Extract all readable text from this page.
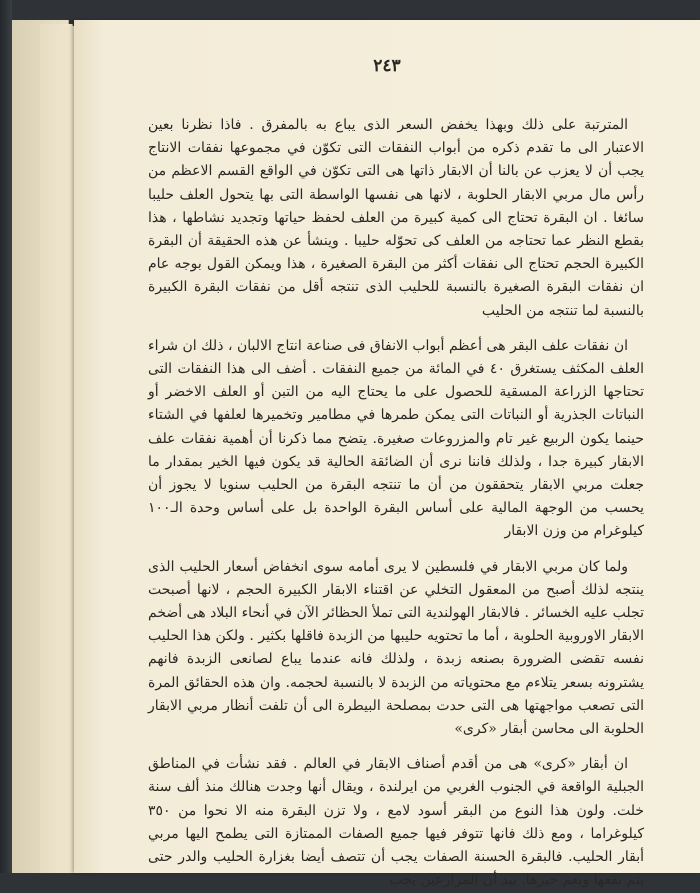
٢٤٣

المترتبة على ذلك وبهذا يخفض السعر الذى يباع به بالمفرق . فاذا نظرنا بعين الاعتبار الى ما تقدم ذكره من أبواب النفقات التى تكوّن في مجموعها نفقات الانتاج يجب أن لا يعزب عن بالنا أن الابقار ذاتها هى التى تكوّن في الواقع القسم الاعظم من رأس مال مربي الابقار الحلوبة ، لانها هى نفسها الواسطة التى بها يتحول العلف حليبا سائغا . ان البقرة تحتاج الى كمية كبيرة من العلف لحفظ حياتها وتجديد نشاطها ، هذا بقطع النظر عما تحتاجه من العلف كى تحوّله حليبا . وينشأ عن هذه الحقيقة أن البقرة الكبيرة الحجم تحتاج الى نفقات أكثر من البقرة الصغيرة ، هذا ويمكن القول بوجه عام ان نفقات البقرة الصغيرة بالنسبة للحليب الذى تنتجه أقل من نفقات البقرة الكبيرة بالنسبة لما تنتجه من الحليب

ان نفقات علف البقر هى أعظم أبواب الانفاق فى صناعة انتاج الالبان ، ذلك ان شراء العلف المكثف يستغرق ٤٠ في المائة من جميع النفقات . أضف الى هذا النفقات التى تحتاجها الزراعة المسقية للحصول على ما يحتاج اليه من التبن أو العلف الاخضر أو النباتات الجذرية أو النباتات التى يمكن طمرها في مطامير وتخميرها لعلفها في الشتاء حينما يكون الربيع غير تام والمزروعات صغيرة. يتضح مما ذكرنا أن أهمية نفقات علف الابقار كبيرة جدا ، ولذلك فاننا نرى أن الضائقة الحالية قد يكون فيها الخير بمقدار ما جعلت مربي الابقار يتحققون من أن ما تنتجه البقرة من الحليب سنويا لا يجوز أن يحسب من الوجهة المالية على أساس البقرة الواحدة بل على أساس وحدة الـ١٠٠ كيلوغرام من وزن الابقار

ولما كان مربي الابقار في فلسطين لا يرى أمامه سوى انخفاض أسعار الحليب الذى ينتجه لذلك أصبح من المعقول التخلي عن اقتناء الابقار الكبيرة الحجم ، لانها أصبحت تجلب عليه الخسائر . فالابقار الهولندية التى تملأ الحظائر الآن في أنحاء البلاد هى أضخم الابقار الاوروبية الحلوبة ، أما ما تحتويه حليبها من الزبدة فاقلها بكثير . ولكن هذا الحليب نفسه تقضى الضرورة بصنعه زبدة ، ولذلك فانه عندما يباع لصانعى الزبدة فانهم يشترونه بسعر يتلاءم مع محتوياته من الزبدة لا بالنسبة لحجمه. وان هذه الحقائق المرة التى تصعب مواجهتها هى التى حدت بمصلحة البيطرة الى أن تلفت أنظار مربي الابقار الحلوبة الى محاسن أبقار «كرى»

ان أبقار «كرى» هى من أقدم أصناف الابقار في العالم . فقد نشأت في المناطق الجبلية الواقعة في الجنوب الغربي من ايرلندة ، ويقال أنها وجدت هنالك منذ ألف سنة خلت. ولون هذا النوع من البقر أسود لامع ، ولا تزن البقرة منه الا نحوا من ٣٥٠ كيلوغراما ، ومع ذلك فانها تتوفر فيها جميع الصفات الممتازة التى يطمح اليها مربي أبقار الحليب. فالبقرة الحسنة الصفات يجب أن تتصف أيضا بغزارة الحليب والدر حتى يتم نفعها ويعم خيرها. بيد أن المزارعين يجب
